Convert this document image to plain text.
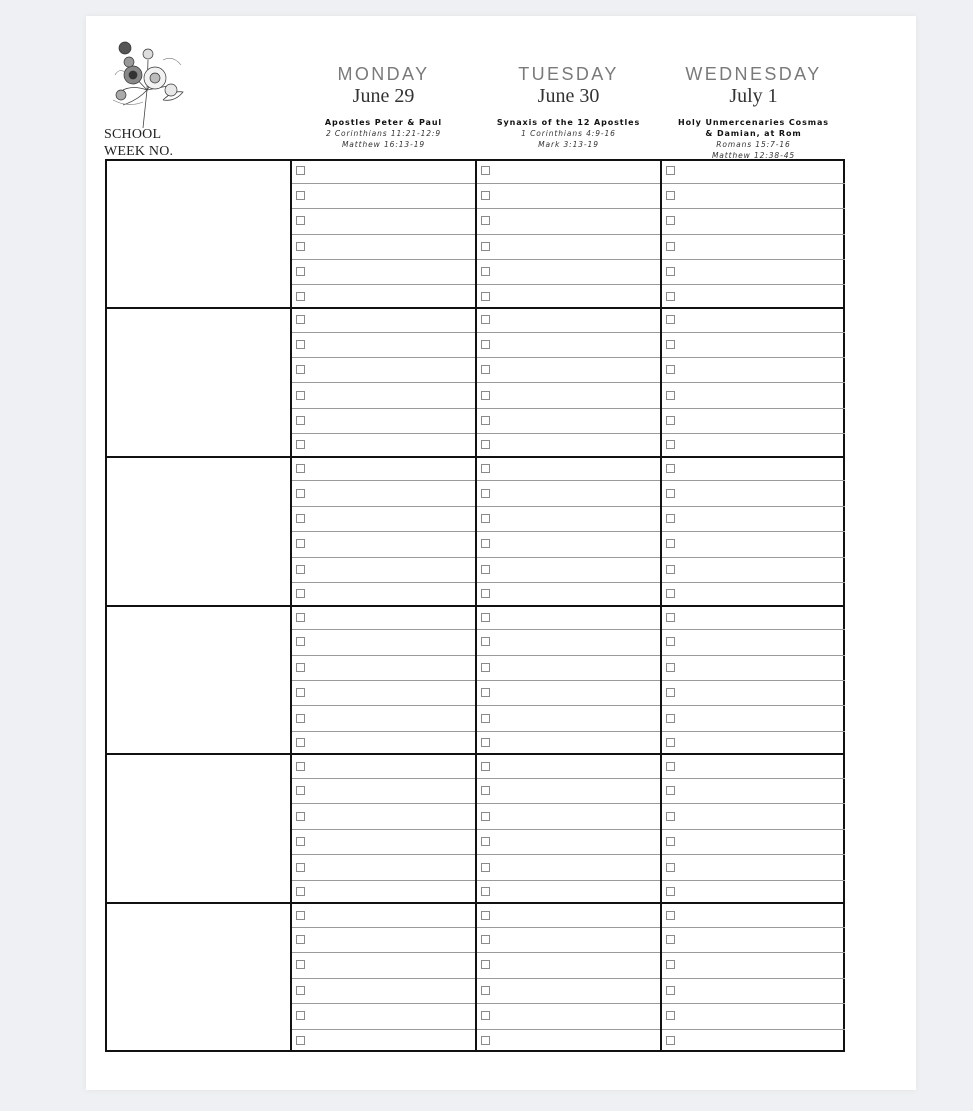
SCHOOL
WEEK NO.
MONDAY
June 29
Apostles Peter & Paul
2 Corinthians 11:21-12:9
Matthew 16:13-19
TUESDAY
June 30
Synaxis of the 12 Apostles
1 Corinthians 4:9-16
Mark 3:13-19
WEDNESDAY
July 1
Holy Unmercenaries Cosmas
& Damian, at Rom
Romans 15:7-16
Matthew 12:38-45
